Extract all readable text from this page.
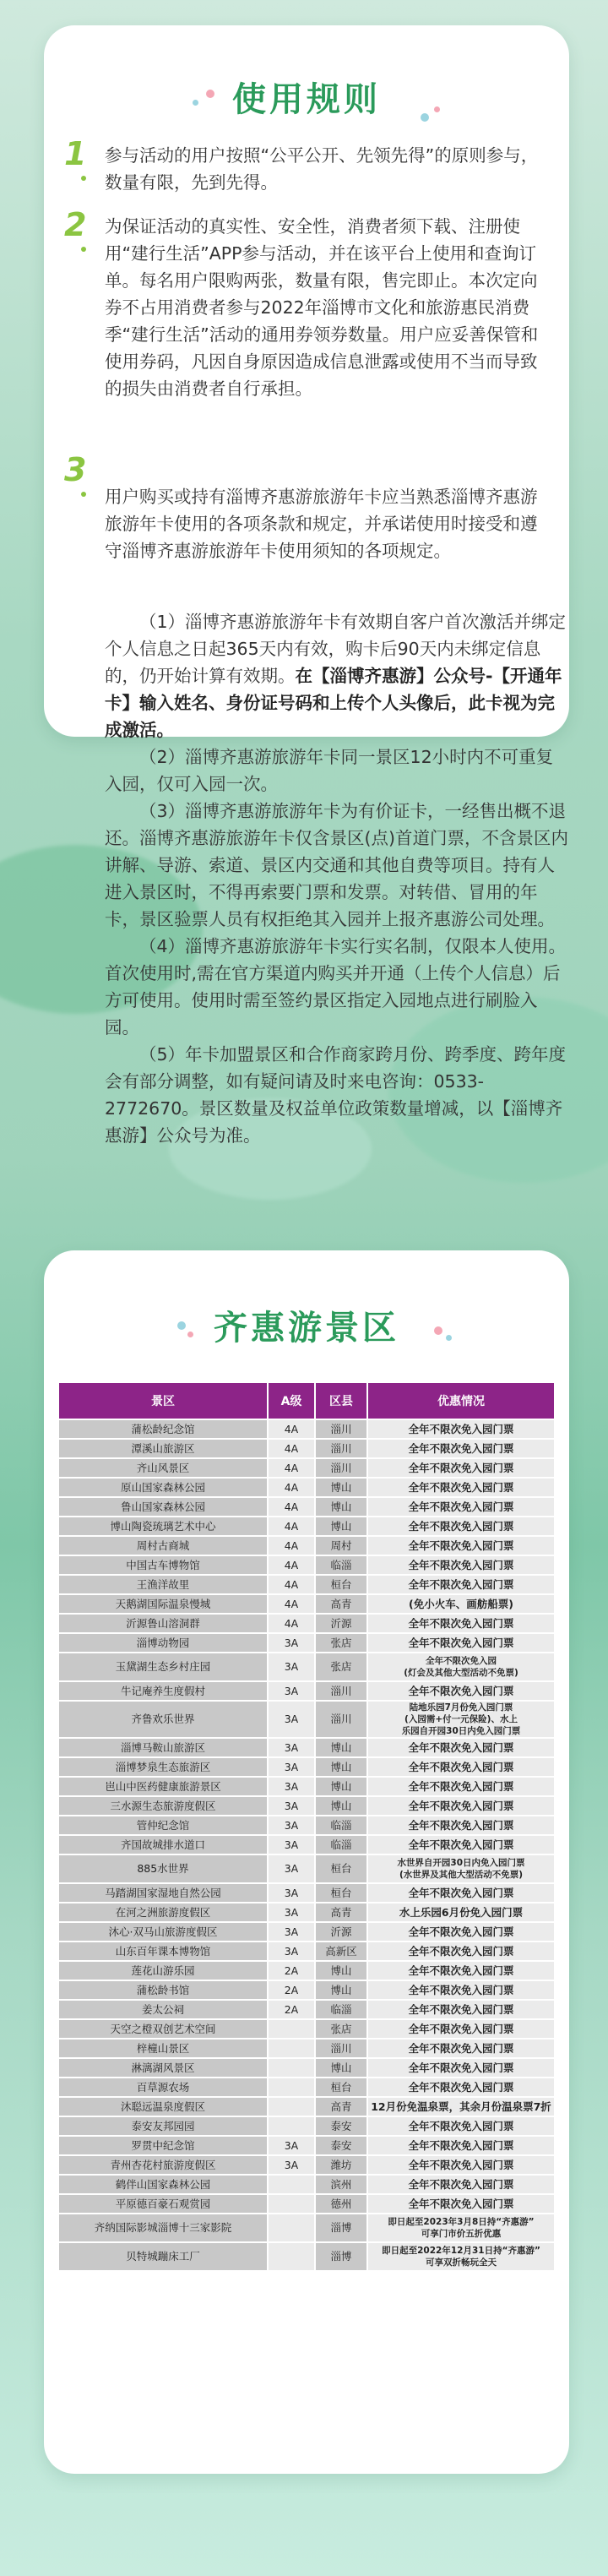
使用规则
1 参与活动的用户按照“公平公开、先领先得”的原则参与，数量有限，先到先得。

2 为保证活动的真实性、安全性，消费者须下载、注册使用“建行生活”APP参与活动，并在该平台上使用和查询订单。每名用户限购两张，数量有限，售完即止。本次定向券不占用消费者参与2022年淄博市文化和旅游惠民消费季“建行生活”活动的通用券领券数量。用户应妥善保管和使用券码，凡因自身原因造成信息泄露或使用不当而导致的损失由消费者自行承担。

3

用户购买或持有淄博齐惠游旅游年卡应当熟悉淄博齐惠游旅游年卡使用的各项条款和规定，并承诺使用时接受和遵守淄博齐惠游旅游年卡使用须知的各项规定。

（1）淄博齐惠游旅游年卡有效期自客户首次激活并绑定个人信息之日起365天内有效，购卡后90天内未绑定信息的，仍开始计算有效期。在【淄博齐惠游】公众号-【开通年卡】输入姓名、身份证号码和上传个人头像后，此卡视为完成激活。

（2）淄博齐惠游旅游年卡同一景区12小时内不可重复入园，仅可入园一次。

（3）淄博齐惠游旅游年卡为有价证卡，一经售出概不退还。淄博齐惠游旅游年卡仅含景区(点)首道门票，不含景区内讲解、导游、索道、景区内交通和其他自费等项目。持有人进入景区时，不得再索要门票和发票。对转借、冒用的年卡，景区验票人员有权拒绝其入园并上报齐惠游公司处理。

（4）淄博齐惠游旅游年卡实行实名制，仅限本人使用。首次使用时,需在官方渠道内购买并开通（上传个人信息）后方可使用。使用时需至签约景区指定入园地点进行刷脸入园。

（5）年卡加盟景区和合作商家跨月份、跨季度、跨年度会有部分调整，如有疑问请及时来电咨询：0533-2772670。景区数量及权益单位政策数量增减，以【淄博齐惠游】公众号为准。

齐惠游景区
景区	A级	区县	优惠情况
蒲松龄纪念馆	4A	淄川	全年不限次免入园门票
潭溪山旅游区	4A	淄川	全年不限次免入园门票
齐山风景区	4A	淄川	全年不限次免入园门票
原山国家森林公园	4A	博山	全年不限次免入园门票
鲁山国家森林公园	4A	博山	全年不限次免入园门票
博山陶瓷琉璃艺术中心	4A	博山	全年不限次免入园门票
周村古商城	4A	周村	全年不限次免入园门票
中国古车博物馆	4A	临淄	全年不限次免入园门票
王渔洋故里	4A	桓台	全年不限次免入园门票
天鹅湖国际温泉慢城	4A	高青	(免小火车、画舫船票)
沂源鲁山溶洞群	4A	沂源	全年不限次免入园门票
淄博动物园	3A	张店	全年不限次免入园门票
玉黛湖生态乡村庄园	3A	张店	全年不限次免入园
(灯会及其他大型活动不免票)
牛记庵养生度假村	3A	淄川	全年不限次免入园门票
齐鲁欢乐世界	3A	淄川	陆地乐园7月份免入园门票
(入园需+付一元保险)、水上
乐园自开园30日内免入园门票
淄博马鞍山旅游区	3A	博山	全年不限次免入园门票
淄博梦泉生态旅游区	3A	博山	全年不限次免入园门票
岜山中医药健康旅游景区	3A	博山	全年不限次免入园门票
三水源生态旅游度假区	3A	博山	全年不限次免入园门票
管仲纪念馆	3A	临淄	全年不限次免入园门票
齐国故城排水道口	3A	临淄	全年不限次免入园门票
885水世界	3A	桓台	水世界自开园30日内免入园门票
(水世界及其他大型活动不免票)
马踏湖国家湿地自然公园	3A	桓台	全年不限次免入园门票
在河之洲旅游度假区	3A	高青	水上乐园6月份免入园门票
沐心·双马山旅游度假区	3A	沂源	全年不限次免入园门票
山东百年课本博物馆	3A	高新区	全年不限次免入园门票
莲花山游乐园	2A	博山	全年不限次免入园门票
蒲松龄书馆	2A	博山	全年不限次免入园门票
姜太公祠	2A	临淄	全年不限次免入园门票
天空之橙双创艺术空间		张店	全年不限次免入园门票
梓橦山景区		淄川	全年不限次免入园门票
淋漓湖风景区		博山	全年不限次免入园门票
百草源农场		桓台	全年不限次免入园门票
沐聪远温泉度假区		高青	12月份免温泉票，其余月份温泉票7折
泰安友邦园园		泰安	全年不限次免入园门票
罗贯中纪念馆	3A	泰安	全年不限次免入园门票
青州杏花村旅游度假区	3A	潍坊	全年不限次免入园门票
鹤伴山国家森林公园		滨州	全年不限次免入园门票
平原德百豪石观赏园		德州	全年不限次免入园门票
齐纳国际影城淄博十三家影院		淄博	即日起至2023年3月8日持“齐惠游”
可享门市价五折优惠
贝特城蹦床工厂		淄博	即日起至2022年12月31日持“齐惠游”
可享双折畅玩全天
